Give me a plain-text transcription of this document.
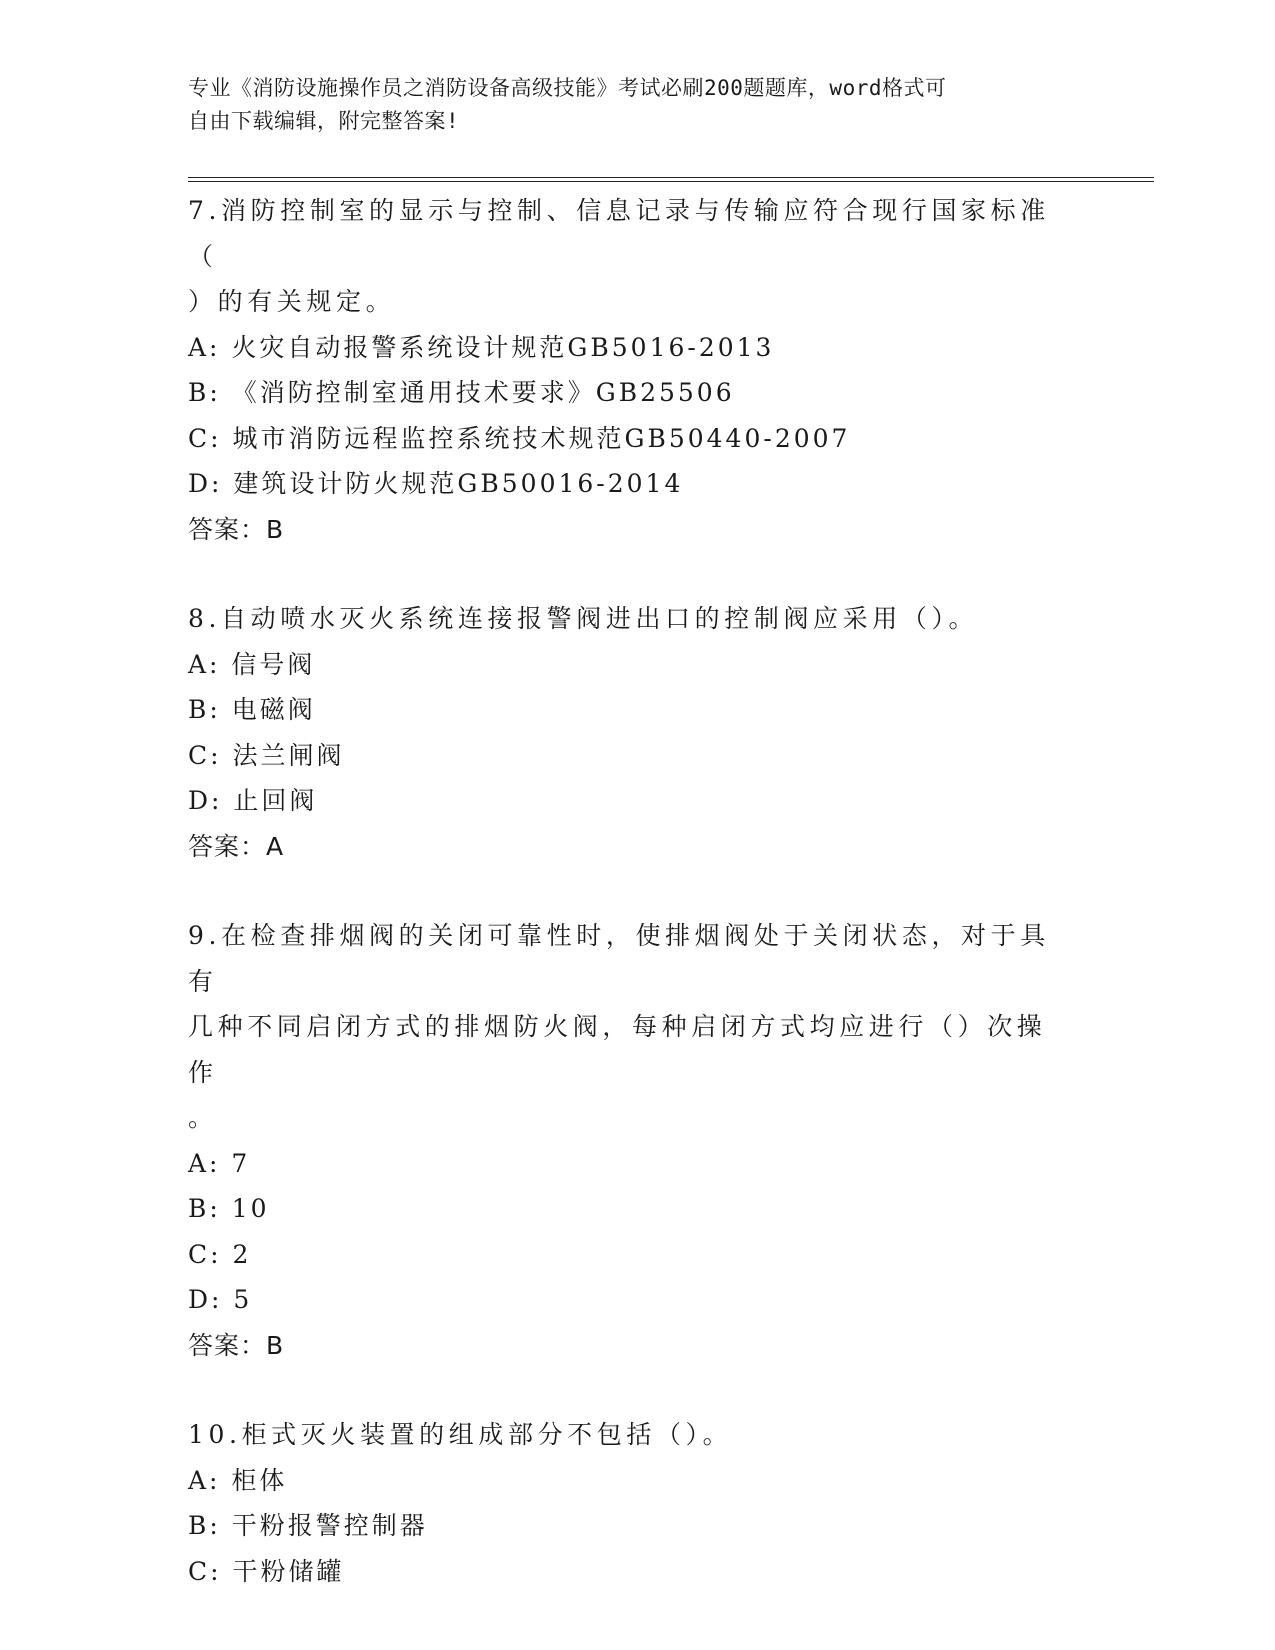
专业《消防设施操作员之消防设备高级技能》考试必刷200题题库，word格式可
自由下载编辑，附完整答案!
7.消防控制室的显示与控制、信息记录与传输应符合现行国家标准（
）的有关规定。
A: 火灾自动报警系统设计规范GB5016-2013
B: 《消防控制室通用技术要求》GB25506
C: 城市消防远程监控系统技术规范GB50440-2007
D: 建筑设计防火规范GB50016-2014
答案：B
8.自动喷水灭火系统连接报警阀进出口的控制阀应采用（）。
A: 信号阀
B: 电磁阀
C: 法兰闸阀
D: 止回阀
答案：A
9.在检查排烟阀的关闭可靠性时，使排烟阀处于关闭状态，对于具有
几种不同启闭方式的排烟防火阀，每种启闭方式均应进行（）次操作
。
A: 7
B: 10
C: 2
D: 5
答案：B
10.柜式灭火装置的组成部分不包括（）。
A: 柜体
B: 干粉报警控制器
C: 干粉储罐
